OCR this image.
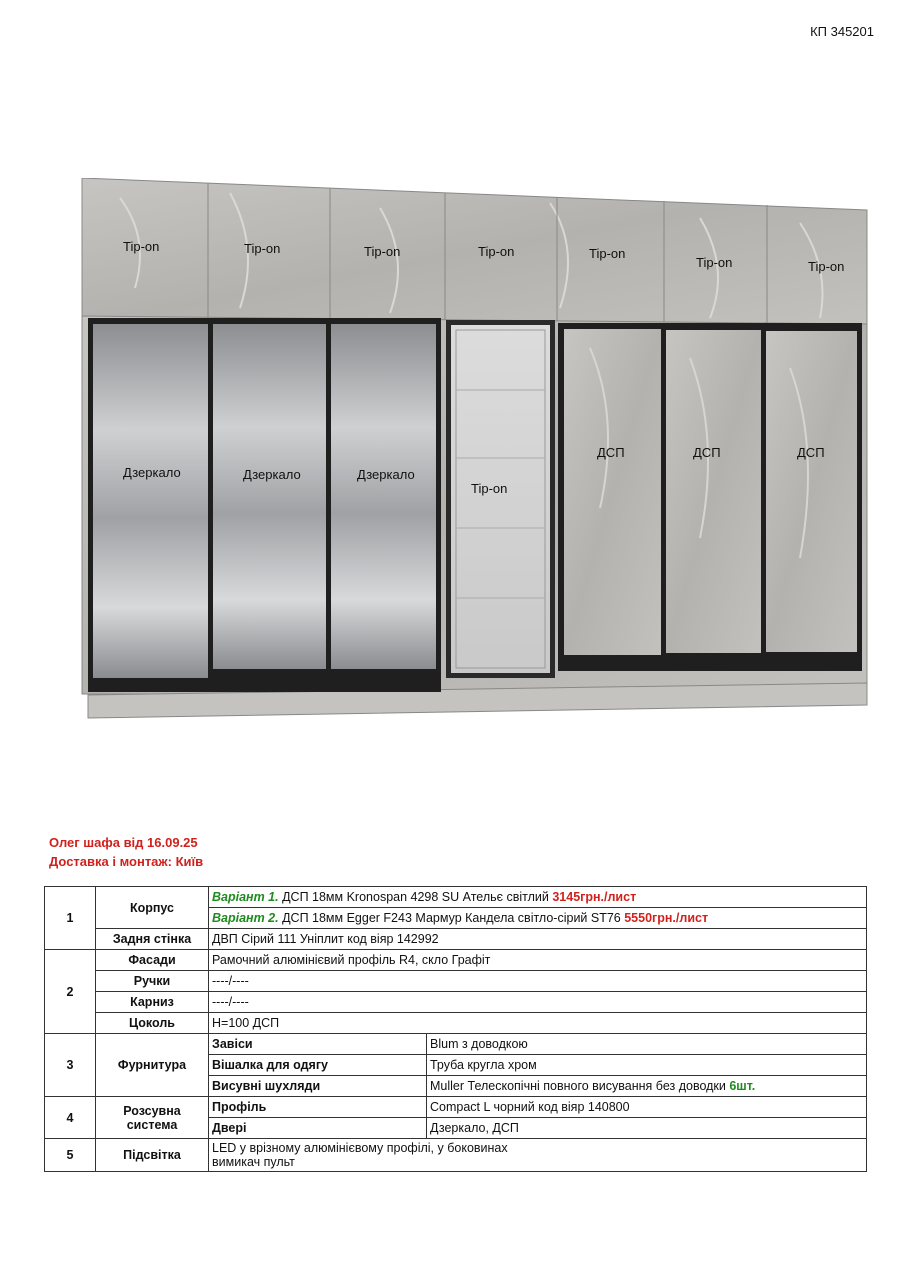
КП 345201
Tip-on	Tip-on	Tip-on	Tip-on	Tip-on
Tip-on	Tip-on
Дзеркало	Дзеркало	Дзеркало
Tip-on
ДСП	ДСП	ДСП
Олег шафа від 16.09.25
Доставка і монтаж: Київ
1	Корпус	Варіант 1. ДСП 18мм Kronospan 4298 SU Ательє світлий 3145грн./лист	
		Варіант 2. ДСП 18мм Egger F243 Мармур Кандела світло-сірий ST76 5550грн./лист	
	Задня стінка	ДВП Сірий 111 Уніплит код віяр 142992	
2	Фасади	Рамочний алюмінієвий профіль R4, скло Графіт	
	Ручки	----/----	
	Карниз	----/----	
	Цоколь	Н=100 ДСП	
3	Фурнитура	Завіси	Blum з доводкою
		Вішалка для одягу	Труба кругла хром
		Висувні шухляди	Muller Телескопічні повного висування без доводки 6шт.
4	Розсувна система	Профіль	Compact L чорний код віяр 140800
		Двері	Дзеркало, ДСП
5	Підсвітка	LED у врізному алюмінієвому профілі, у боковинах
вимикач пульт	
